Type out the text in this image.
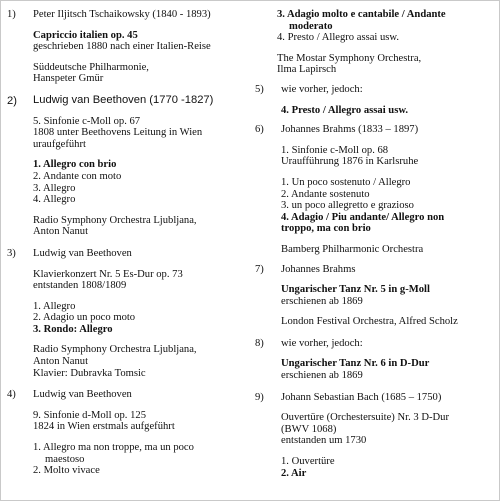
1) Peter Iljitsch Tschaikowsky (1840 - 1893)
Capriccio italien op. 45
geschrieben 1880 nach einer Italien-Reise
Süddeutsche Philharmonie,
Hanspeter Gmür
2) Ludwig van Beethoven (1770 -1827)
5. Sinfonie c-Moll op. 67
1808 unter Beethovens Leitung in Wien
uraufgeführt
1. Allegro con brio
2. Andante con moto
3. Allegro
4. Allegro
Radio Symphony Orchestra Ljubljana,
Anton Nanut
3) Ludwig van Beethoven
Klavierkonzert Nr. 5 Es-Dur op. 73
entstanden 1808/1809
1. Allegro
2. Adagio un poco moto
3. Rondo: Allegro
Radio Symphony Orchestra Ljubljana,
Anton Nanut
Klavier: Dubravka Tomsic
4) Ludwig van Beethoven
9. Sinfonie d-Moll op. 125
1824 in Wien erstmals aufgeführt
1. Allegro ma non troppe, ma un poco
maestoso
2. Molto vivace
3. Adagio molto e cantabile / Andante
moderato
4. Presto / Allegro assai usw.
The Mostar Symphony Orchestra,
Ilma Lapirsch
5) wie vorher, jedoch:
4. Presto / Allegro assai usw.
6) Johannes Brahms (1833 – 1897)
1. Sinfonie c-Moll op. 68
Uraufführung 1876 in Karlsruhe
1. Un poco sostenuto / Allegro
2. Andante sostenuto
3. un poco allegretto e grazioso
4. Adagio / Piu andante/ Allegro non troppo, ma con brio
Bamberg Philharmonic Orchestra
7) Johannes Brahms
Ungarischer Tanz Nr. 5 in g-Moll
erschienen ab 1869
London Festival Orchestra, Alfred Scholz
8) wie vorher, jedoch:
Ungarischer Tanz Nr. 6 in D-Dur
erschienen ab 1869
9) Johann Sebastian Bach (1685 – 1750)
Ouvertüre (Orchestersuite) Nr. 3 D-Dur
(BWV 1068)
entstanden um 1730
1. Ouvertüre
2. Air
